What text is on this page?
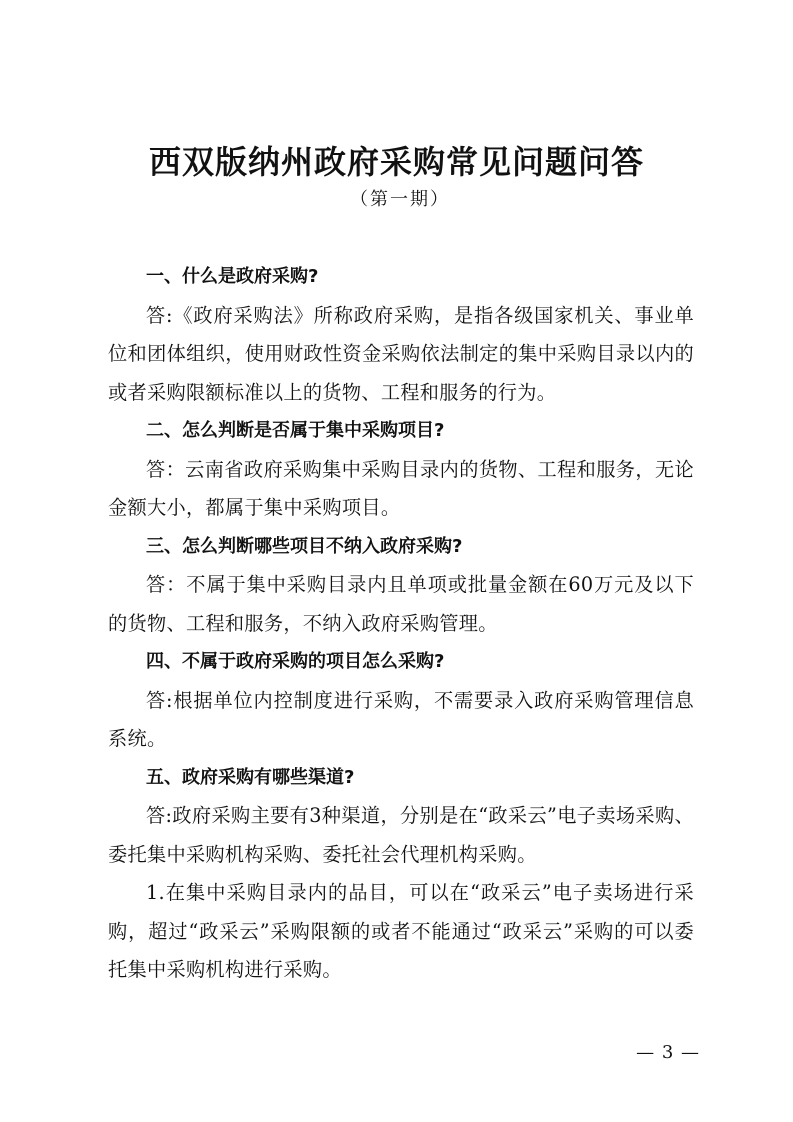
西双版纳州政府采购常见问题问答
（第一期）

一、什么是政府采购?

答:《政府采购法》所称政府采购，是指各级国家机关、事业单位和团体组织，使用财政性资金采购依法制定的集中采购目录以内的或者采购限额标准以上的货物、工程和服务的行为。

二、怎么判断是否属于集中采购项目?

答：云南省政府采购集中采购目录内的货物、工程和服务，无论金额大小，都属于集中采购项目。

三、怎么判断哪些项目不纳入政府采购?

答：不属于集中采购目录内且单项或批量金额在60万元及以下的货物、工程和服务，不纳入政府采购管理。

四、不属于政府采购的项目怎么采购?

答:根据单位内控制度进行采购，不需要录入政府采购管理信息系统。

五、政府采购有哪些渠道?

答:政府采购主要有3种渠道，分别是在“政采云”电子卖场采购、委托集中采购机构采购、委托社会代理机构采购。

1.在集中采购目录内的品目，可以在“政采云”电子卖场进行采购，超过“政采云”采购限额的或者不能通过“政采云”采购的可以委托集中采购机构进行采购。

— 3 —
